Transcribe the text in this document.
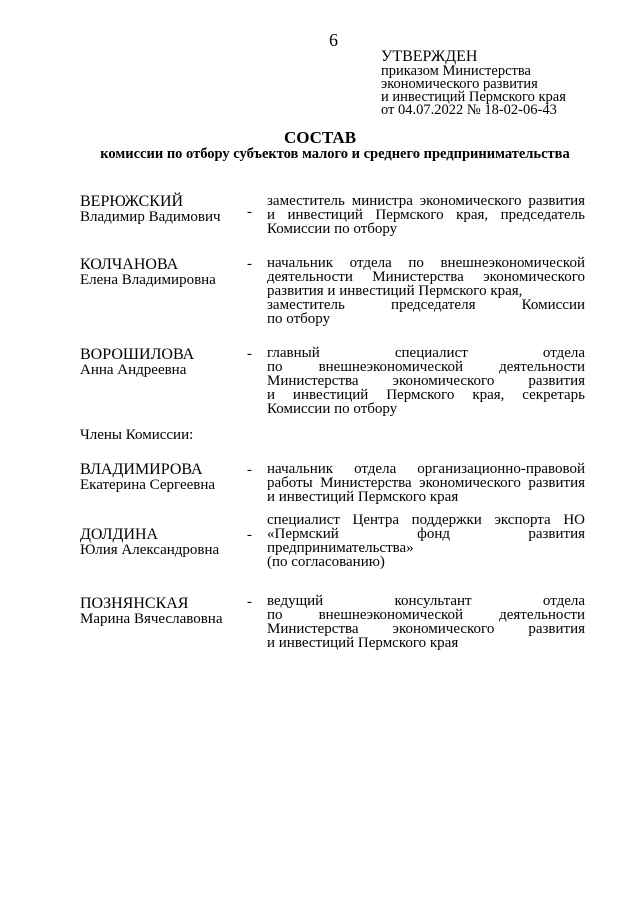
6
УТВЕРЖДЕН
приказом Министерства
экономического развития
и инвестиций Пермского края
от 04.07.2022 № 18-02-06-43
СОСТАВ
комиссии по отбору субъектов малого и среднего предпринимательства
ВЕРЮЖСКИЙ
Владимир Вадимович -
заместитель министра экономического развития
и инвестиций Пермского края, председатель
Комиссии по отбору
КОЛЧАНОВА
Елена Владимировна
- начальник отдела по внешнеэкономической
деятельности Министерства экономического
развития и инвестиций Пермского края,
заместитель председателя Комиссии
по отбору
ВОРОШИЛОВА
Анна Андреевна
- главный специалист отдела
по внешнеэкономической деятельности
Министерства экономического развития
и инвестиций Пермского края, секретарь
Комиссии по отбору
Члены Комиссии:
ВЛАДИМИРОВА
Екатерина Сергеевна
- начальник отдела организационно-правовой
работы Министерства экономического развития
и инвестиций Пермского края
ДОЛДИНА
Юлия Александровна
-
специалист Центра поддержки экспорта НО
«Пермский фонд развития
предпринимательства»
(по согласованию)
ПОЗНЯНСКАЯ
Марина Вячеславовна
- ведущий консультант отдела
по внешнеэкономической деятельности
Министерства экономического развития
и инвестиций Пермского края
